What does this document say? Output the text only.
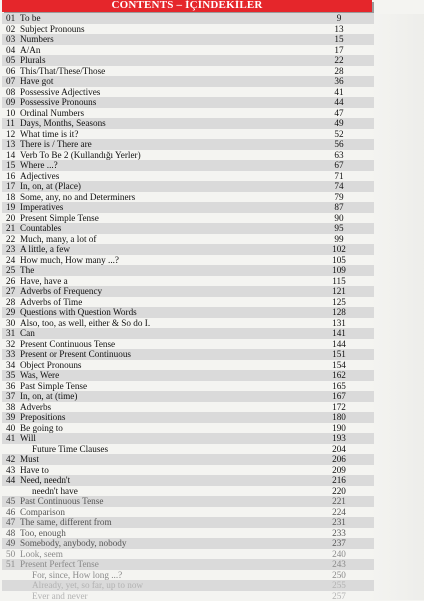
CONTENTS – İÇİNDEKİLER
01 To be	9
02 Subject Pronouns	13
03 Numbers	15
04 A/An	17
05 Plurals	22
06 This/That/These/Those	28
07 Have got	36
08 Possessive Adjectives	41
09 Possessive Pronouns	44
10 Ordinal Numbers	47
11 Days, Months, Seasons	49
12 What time is it?	52
13 There is / There are	56
14 Verb To Be 2 (Kullandığı Yerler)	63
15 Where ...?	67
16 Adjectives	71
17 In, on, at (Place)	74
18 Some, any, no and Determiners	79
19 Imperatives	87
20 Present Simple Tense	90
21 Countables	95
22 Much, many, a lot of	99
23 A little, a few	102
24 How much, How many ...?	105
25 The	109
26 Have, have a	115
27 Adverbs of Frequency	121
28 Adverbs of Time	125
29 Questions with Question Words	128
30 Also, too, as well, either & So do I.	131
31 Can	141
32 Present Continuous Tense	144
33 Present or Present Continuous	151
34 Object Pronouns	154
35 Was, Were	162
36 Past Simple Tense	165
37 In, on, at (time)	167
38 Adverbs	172
39 Prepositions	180
40 Be going to	190
41 Will	193
Future Time Clauses	204
42 Must	206
43 Have to	209
44 Need, needn't	216
needn't have	220
45 Past Continuous Tense	221
46 Comparison	224
47 The same, different from	231
48 Too, enough	233
49 Somebody, anybody, nobody	237
50 Look, seem	240
51 Present Perfect Tense	243
For, since, How long ...?	250
Already, yet, so far, up to now	255
Ever and never	257
